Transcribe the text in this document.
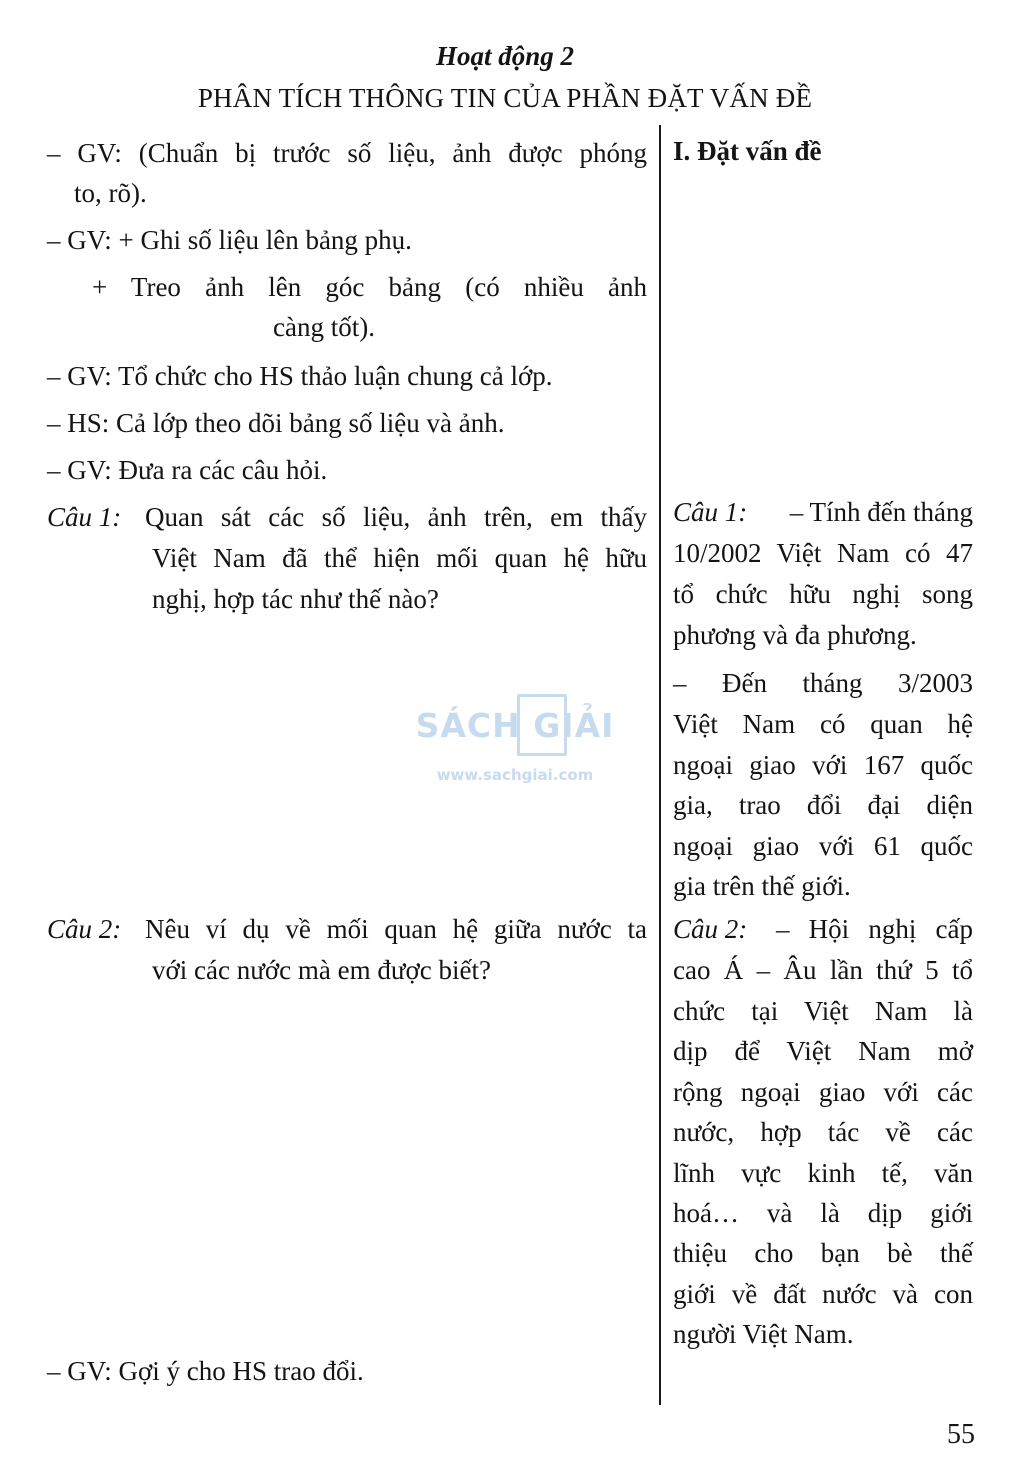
Hoạt động 2
PHÂN TÍCH THÔNG TIN CỦA PHẦN ĐẶT VẤN ĐỀ
– GV: (Chuẩn bị trước số liệu, ảnh được phóng
to, rõ).
– GV: + Ghi số liệu lên bảng phụ.
+ Treo ảnh lên góc bảng (có nhiều ảnh
càng tốt).
– GV: Tổ chức cho HS thảo luận chung cả lớp.
– HS: Cả lớp theo dõi bảng số liệu và ảnh.
– GV: Đưa ra các câu hỏi.
Câu 1: Quan sát các số liệu, ảnh trên, em thấy
Việt Nam đã thể hiện mối quan hệ hữu
nghị, hợp tác như thế nào?
Câu 2: Nêu ví dụ về mối quan hệ giữa nước ta
với các nước mà em được biết?
– GV: Gợi ý cho HS trao đổi.
I. Đặt vấn đề
Câu 1:	– Tính đến tháng
10/2002 Việt Nam có 47
tổ chức hữu nghị song
phương và đa phương.
– Đến tháng 3/2003
Việt Nam có quan hệ
ngoại giao với 167 quốc
gia, trao đổi đại diện
ngoại giao với 61 quốc
gia trên thế giới.
Câu 2: – Hội nghị cấp
cao Á – Âu lần thứ 5 tổ
chức tại Việt Nam là
dịp để Việt Nam mở
rộng ngoại giao với các
nước, hợp tác về các
lĩnh vực kinh tế, văn
hoá… và là dịp giới
thiệu cho bạn bè thế
giới về đất nước và con
người Việt Nam.
SÁCH GIẢI
www.sachgiai.com
55
